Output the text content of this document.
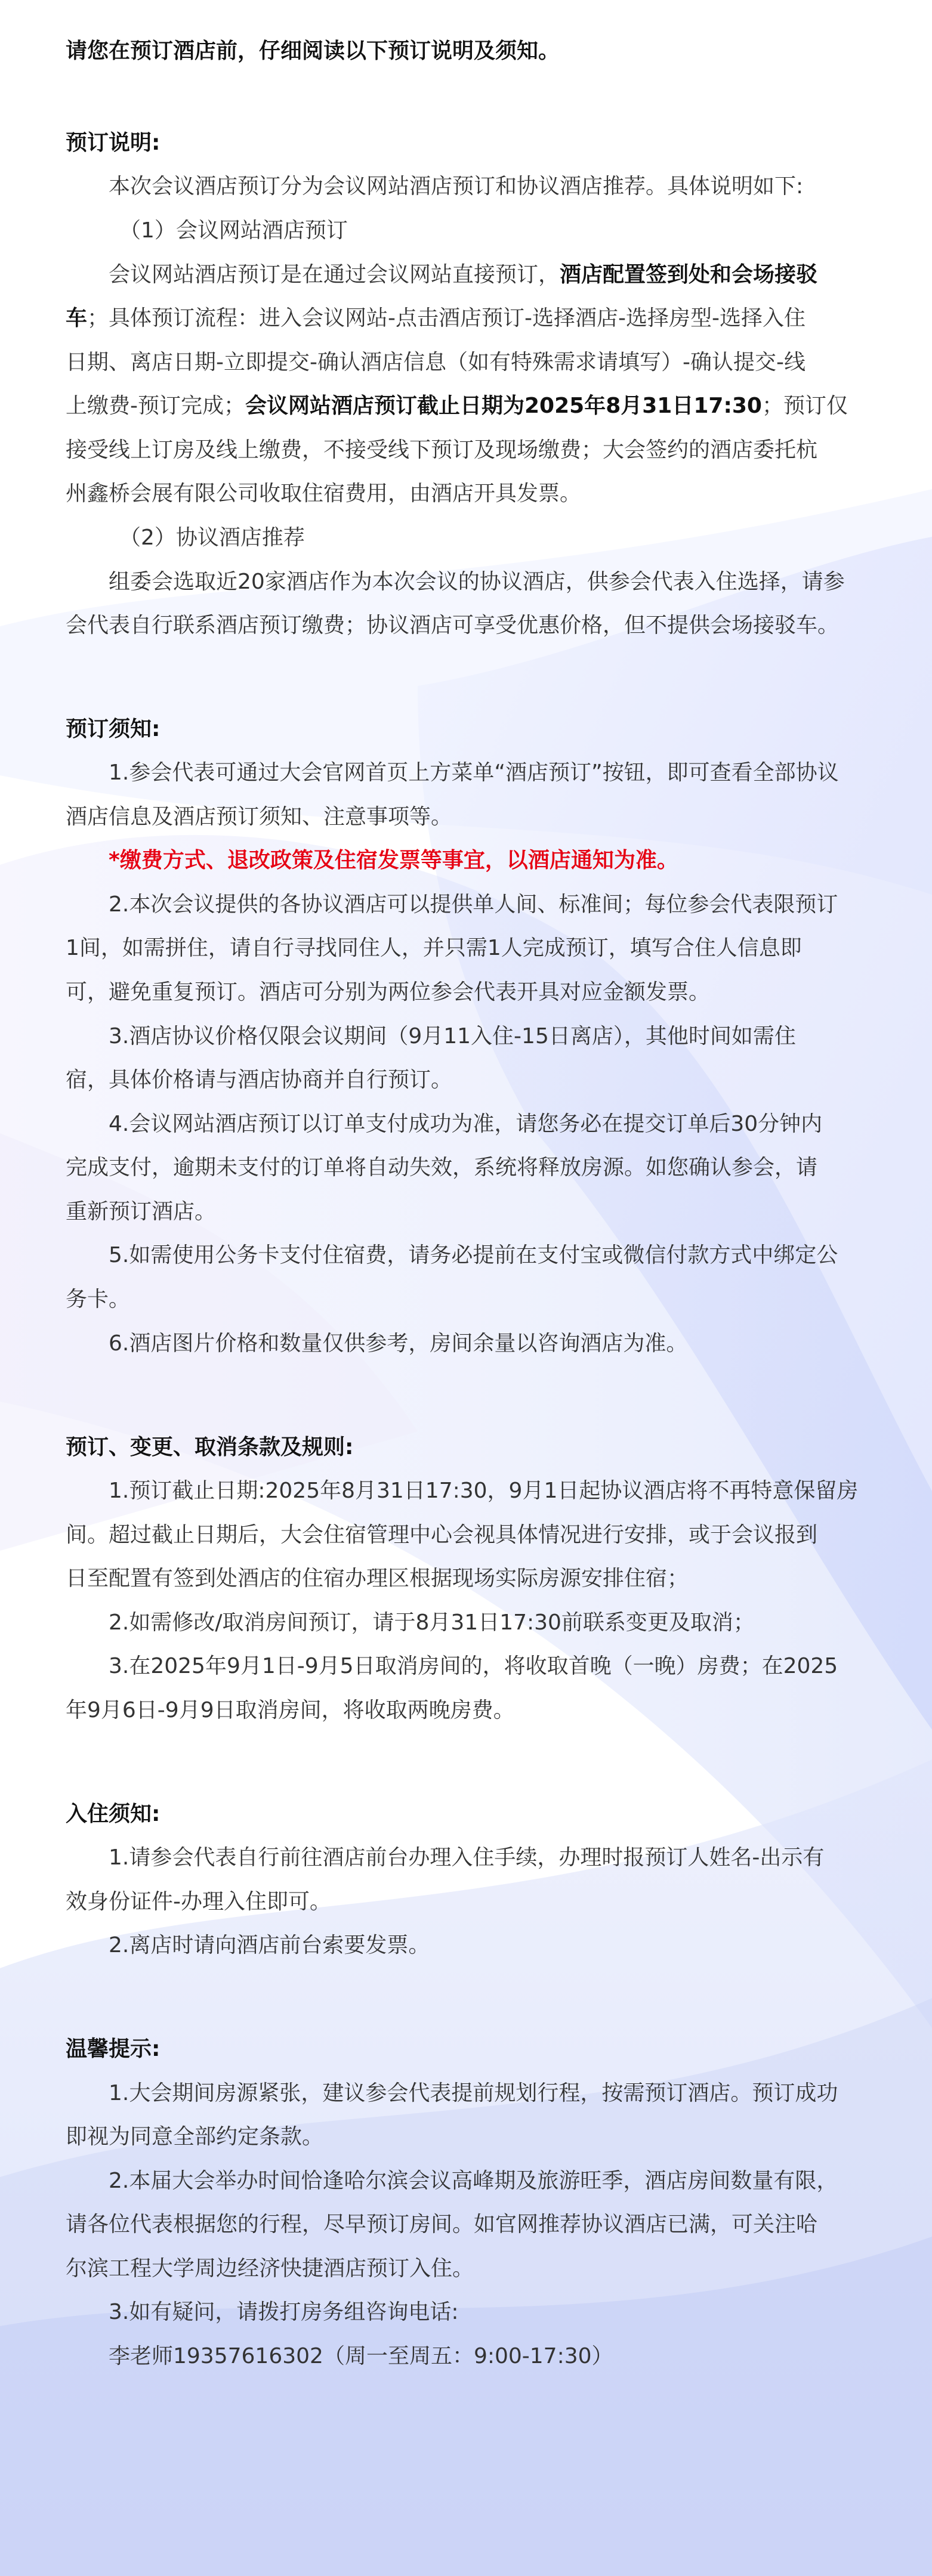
请您在预订酒店前，仔细阅读以下预订说明及须知。

预订说明:

本次会议酒店预订分为会议网站酒店预订和协议酒店推荐。具体说明如下:

（1）会议网站酒店预订

会议网站酒店预订是在通过会议网站直接预订，酒店配置签到处和会场接驳

车；具体预订流程：进入会议网站-点击酒店预订-选择酒店-选择房型-选择入住

日期、离店日期-立即提交-确认酒店信息（如有特殊需求请填写）-确认提交-线

上缴费-预订完成；会议网站酒店预订截止日期为2025年8月31日17:30；预订仅

接受线上订房及线上缴费，不接受线下预订及现场缴费；大会签约的酒店委托杭

州鑫桥会展有限公司收取住宿费用，由酒店开具发票。

（2）协议酒店推荐

组委会选取近20家酒店作为本次会议的协议酒店，供参会代表入住选择，请参

会代表自行联系酒店预订缴费；协议酒店可享受优惠价格，但不提供会场接驳车。

预订须知:

1.参会代表可通过大会官网首页上方菜单“酒店预订”按钮，即可查看全部协议

酒店信息及酒店预订须知、注意事项等。

*缴费方式、退改政策及住宿发票等事宜，以酒店通知为准。

2.本次会议提供的各协议酒店可以提供单人间、标准间；每位参会代表限预订

1间，如需拼住，请自行寻找同住人，并只需1人完成预订，填写合住人信息即

可，避免重复预订。酒店可分别为两位参会代表开具对应金额发票。

3.酒店协议价格仅限会议期间（9月11入住-15日离店），其他时间如需住

宿，具体价格请与酒店协商并自行预订。

4.会议网站酒店预订以订单支付成功为准，请您务必在提交订单后30分钟内

完成支付，逾期未支付的订单将自动失效，系统将释放房源。如您确认参会，请

重新预订酒店。

5.如需使用公务卡支付住宿费，请务必提前在支付宝或微信付款方式中绑定公

务卡。

6.酒店图片价格和数量仅供参考，房间余量以咨询酒店为准。

预订、变更、取消条款及规则:

1.预订截止日期:2025年8月31日17:30，9月1日起协议酒店将不再特意保留房

间。超过截止日期后，大会住宿管理中心会视具体情况进行安排，或于会议报到

日至配置有签到处酒店的住宿办理区根据现场实际房源安排住宿；

2.如需修改/取消房间预订，请于8月31日17:30前联系变更及取消；

3.在2025年9月1日-9月5日取消房间的，将收取首晚（一晚）房费；在2025

年9月6日-9月9日取消房间，将收取两晚房费。

入住须知:

1.请参会代表自行前往酒店前台办理入住手续，办理时报预订人姓名-出示有

效身份证件-办理入住即可。

2.离店时请向酒店前台索要发票。

温馨提示:

1.大会期间房源紧张，建议参会代表提前规划行程，按需预订酒店。预订成功

即视为同意全部约定条款。

2.本届大会举办时间恰逢哈尔滨会议高峰期及旅游旺季，酒店房间数量有限，

请各位代表根据您的行程，尽早预订房间。如官网推荐协议酒店已满，可关注哈

尔滨工程大学周边经济快捷酒店预订入住。

3.如有疑问，请拨打房务组咨询电话:

李老师19357616302（周一至周五：9:00-17:30）
